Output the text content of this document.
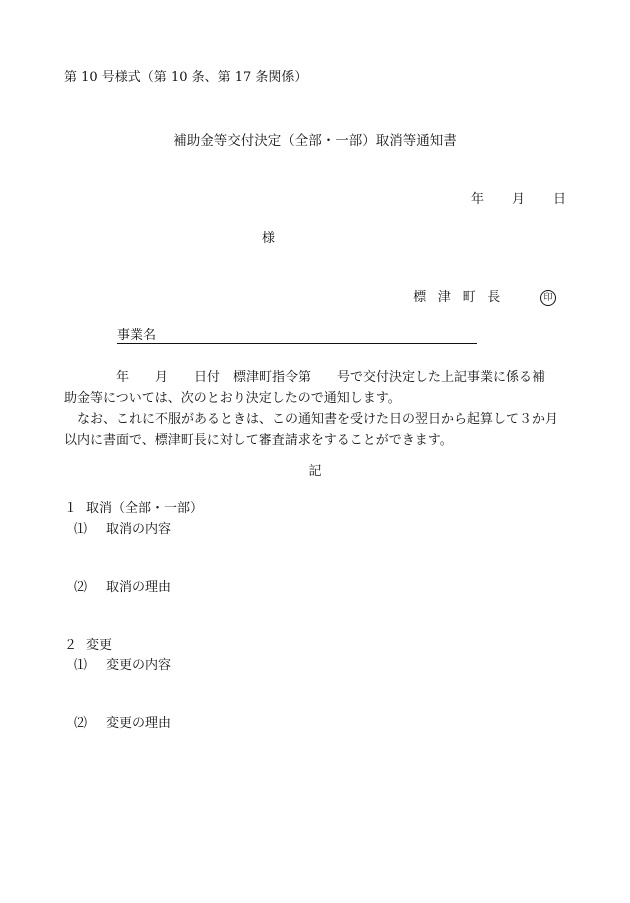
第 10 号様式（第 10 条、第 17 条関係）
補助金等交付決定（全部・一部）取消等通知書
年 月 日
様
標津町長	印
事業名

年　　月　　日付　標津町指令第　　号で交付決定した上記事業に係る補

助金等については、次のとおり決定したので通知します。

なお、これに不服があるときは、この通知書を受けた日の翌日から起算して３か月

以内に書面で、標津町長に対して審査請求をすることができます。

記
１ 取消（全部・一部）
⑴ 取消の内容
⑵ 取消の理由
２ 変更
⑴ 変更の内容
⑵ 変更の理由
